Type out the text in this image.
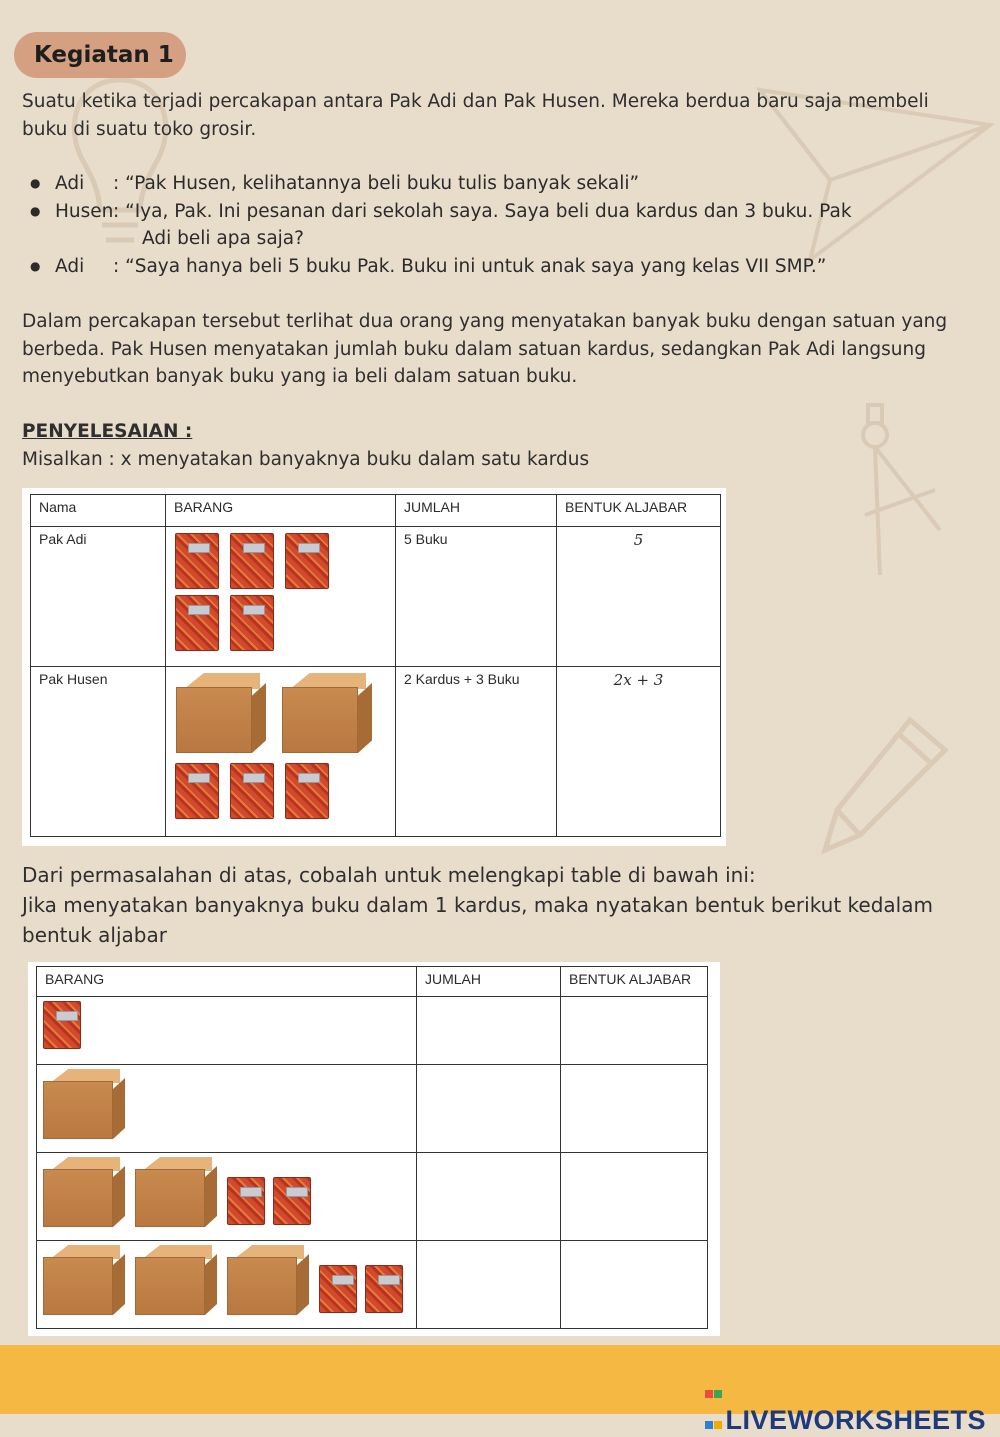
Kegiatan 1

Suatu ketika terjadi percakapan antara Pak Adi dan Pak Husen. Mereka berdua baru saja membeli buku di suatu toko grosir.

● Adi : “Pak Husen, kelihatannya beli buku tulis banyak sekali”
● Husen: “Iya, Pak. Ini pesanan dari sekolah saya. Saya beli dua kardus dan 3 buku. Pak
Adi beli apa saja?
● Adi : “Saya hanya beli 5 buku Pak. Buku ini untuk anak saya yang kelas VII SMP.”

Dalam percakapan tersebut terlihat dua orang yang menyatakan banyak buku dengan satuan yang berbeda. Pak Husen menyatakan jumlah buku dalam satuan kardus, sedangkan Pak Adi langsung menyebutkan banyak buku yang ia beli dalam satuan buku.

PENYELESAIAN :

Misalkan : x menyatakan banyaknya buku dalam satu kardus

Nama	BARANG	JUMLAH	BENTUK ALJABAR
Pak Adi		5 Buku	5
Pak Husen		2 Kardus + 3 Buku	2x + 3

Dari permasalahan di atas, cobalah untuk melengkapi table di bawah ini:
Jika menyatakan banyaknya buku dalam 1 kardus, maka nyatakan bentuk berikut kedalam bentuk aljabar

BARANG	JUMLAH	BENTUK ALJABAR

LIVEWORKSHEETS
